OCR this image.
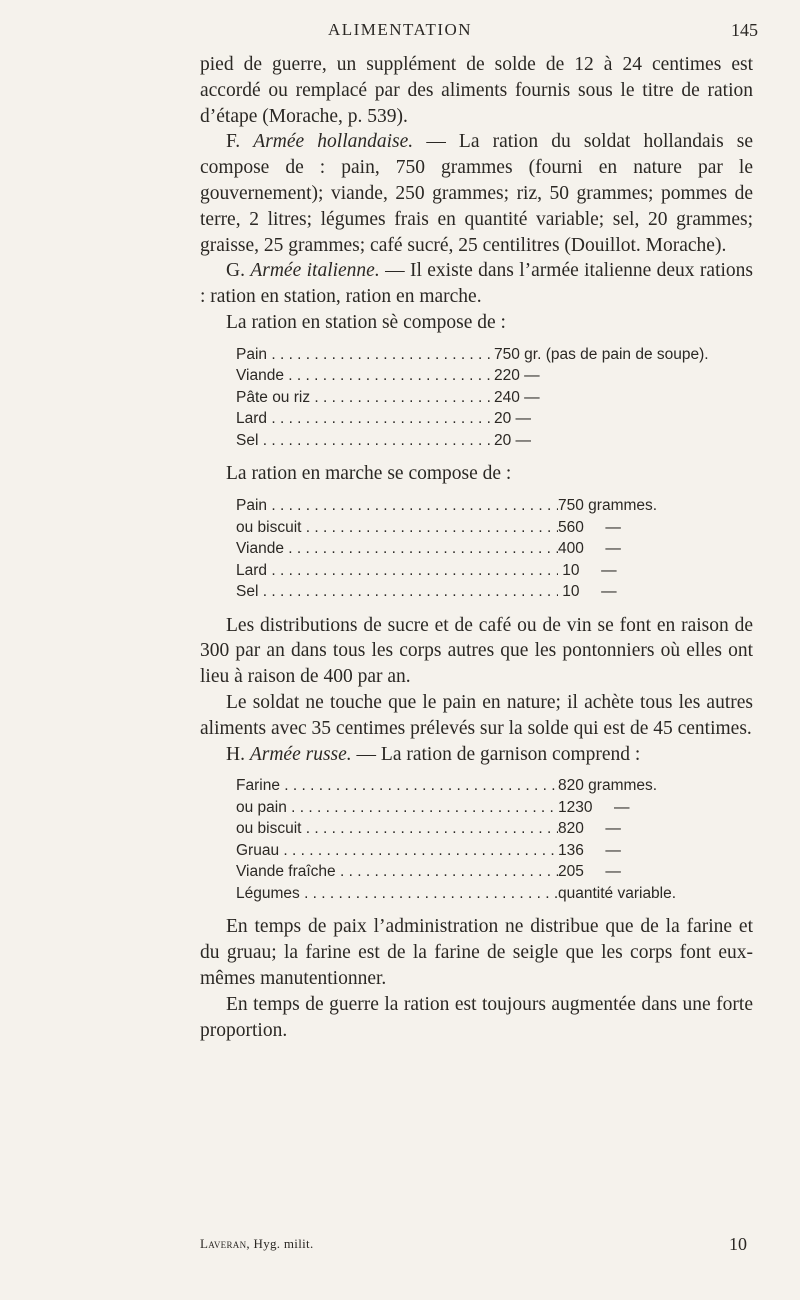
ALIMENTATION	145

pied de guerre, un supplément de solde de 12 à 24 centimes est accordé ou remplacé par des aliments fournis sous le titre de ration d’étape (Morache, p. 539).

F. Armée hollandaise. — La ration du soldat hollandais se compose de : pain, 750 grammes (fourni en nature par le gouvernement); viande, 250 grammes; riz, 50 grammes; pommes de terre, 2 litres; légumes frais en quantité variable; sel, 20 grammes; graisse, 25 grammes; café sucré, 25 centilitres (Douillot. Morache).

G. Armée italienne. — Il existe dans l’armée italienne deux rations : ration en station, ration en marche.

La ration en station sè compose de :

Pain . . .	750 gr. (pas de pain de soupe).
Viande . . .	220 —
Pâte ou riz . . .	240 —
Lard . . .	20 —
Sel . . .	20 —

La ration en marche se compose de :

Pain . . .	750 grammes.
ou biscuit . . .	560     —
Viande . . .	400     —
Lard . . .	10     —
Sel . . .	10     —

Les distributions de sucre et de café ou de vin se font en raison de 300 par an dans tous les corps autres que les pontonniers où elles ont lieu à raison de 400 par an.

Le soldat ne touche que le pain en nature; il achète tous les autres aliments avec 35 centimes prélevés sur la solde qui est de 45 centimes.

H. Armée russe. — La ration de garnison comprend :

Farine . . .	820 grammes.
ou pain . . .	1230     —
ou biscuit . . .	820     —
Gruau . . .	136     —
Viande fraîche . . .	205     —
Légumes . . .	quantité variable.

En temps de paix l’administration ne distribue que de la farine et du gruau; la farine est de la farine de seigle que les corps font eux-mêmes manutentionner.

En temps de guerre la ration est toujours augmentée dans une forte proportion.

Laveran, Hyg. milit.	10
